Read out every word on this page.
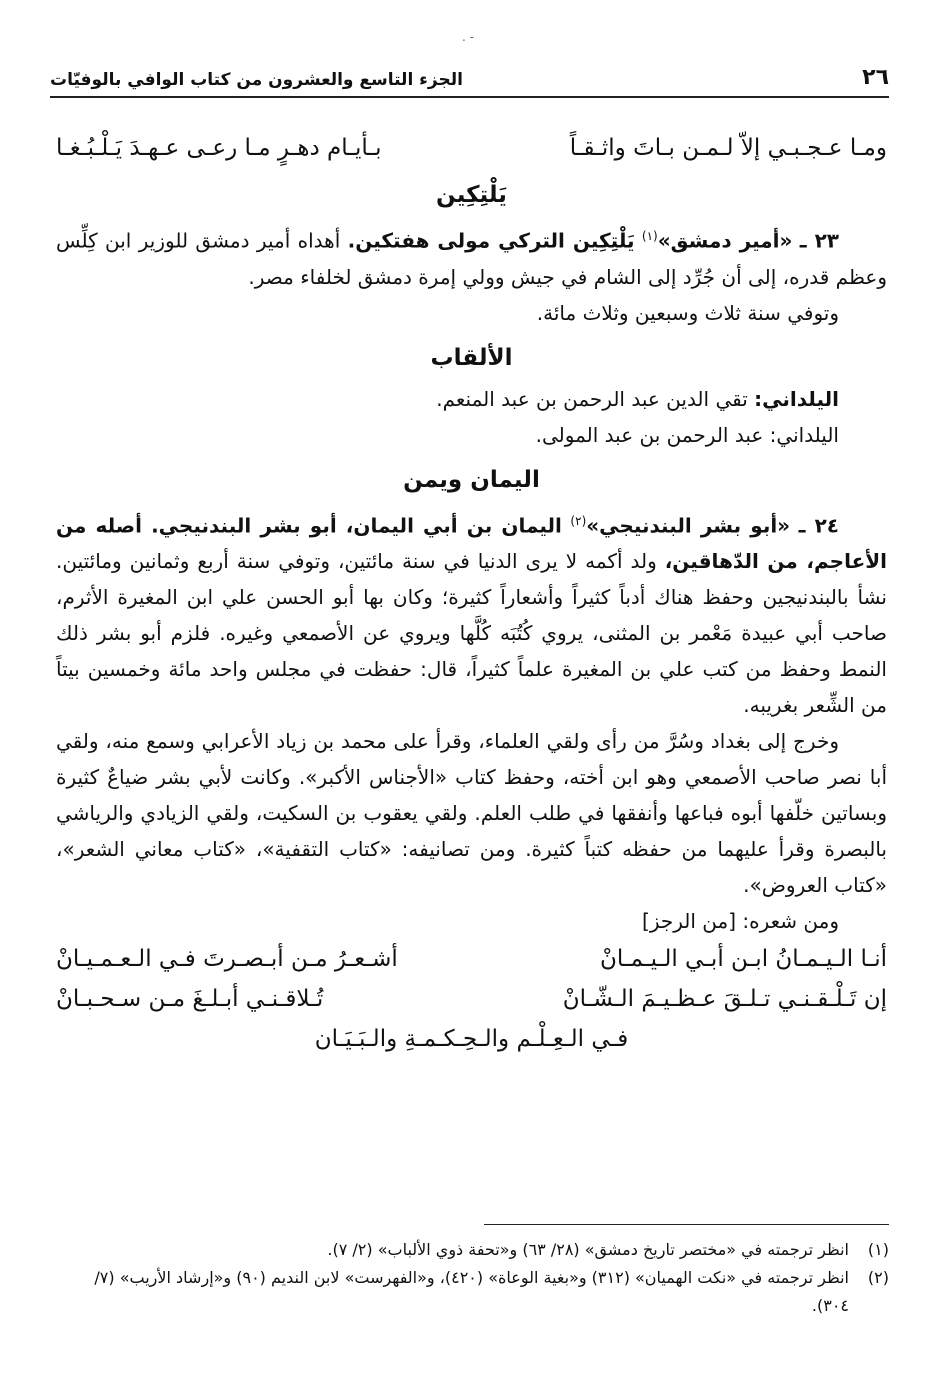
- .
٢٦
الجزء التاسع والعشرون من كتاب الوافي بالوفيّات
ومـا عـجـبـي إلاّ لـمـن بـاتَ واثـقـاً
بـأيـام دهـرٍ مـا رعـى عـهـدَ يَـلْـبُـغـا
يَلْتِكِين

٢٣ ـ «أمير دمشق»$^{(١)}$ يَلْتِكِين التركي مولى هفتكين. أهداه أمير دمشق للوزير ابن كِلِّس وعظم قدره، إلى أن جُرِّد إلى الشام في جيش وولي إمرة دمشق لخلفاء مصر.

وتوفي سنة ثلاث وسبعين وثلاث مائة.

الألقاب

اليلداني: تقي الدين عبد الرحمن بن عبد المنعم.

اليلداني: عبد الرحمن بن عبد المولى.

اليمان ويمن

٢٤ ـ «أبو بشر البندنيجي»$^{(٢)}$ اليمان بن أبي اليمان، أبو بشر البندنيجي. أصله من الأعاجم، من الدّهاقين، ولد أكمه لا يرى الدنيا في سنة مائتين، وتوفي سنة أربع وثمانين ومائتين. نشأ بالبندنيجين وحفظ هناك أدباً كثيراً وأشعاراً كثيرة؛ وكان بها أبو الحسن علي ابن المغيرة الأثرم، صاحب أبي عبيدة مَعْمر بن المثنى، يروي كُتُبَه كُلَّها ويروي عن الأصمعي وغيره. فلزم أبو بشر ذلك النمط وحفظ من كتب علي بن المغيرة علماً كثيراً، قال: حفظت في مجلس واحد مائة وخمسين بيتاً من الشِّعر بغريبه.

وخرج إلى بغداد وسُرَّ من رأى ولقي العلماء، وقرأ على محمد بن زياد الأعرابي وسمع منه، ولقي أبا نصر صاحب الأصمعي وهو ابن أخته، وحفظ كتاب «الأجناس الأكبر». وكانت لأبي بشر ضياعٌ كثيرة وبساتين خلّفها أبوه فباعها وأنفقها في طلب العلم. ولقي يعقوب بن السكيت، ولقي الزيادي والرياشي بالبصرة وقرأ عليهما من حفظه كتباً كثيرة. ومن تصانيفه: «كتاب التقفية»، «كتاب معاني الشعر»، «كتاب العروض».

ومن شعره: [من الرجز]
أنـا الـيـمـانُ ابـن أبـي الـيـمـانْ
أشـعـرُ مـن أبـصـرتَ فـي الـعـمـيـانْ
إن تَـلْـقـنـي تـلـقَ عـظـيـمَ الـشّـانْ
تُـلاقـنـي أبـلـغَ مـن سـحـبـانْ
فـي الـعِـلْـم والـحِـكـمـةِ والـبَـيَـان
(١)
انظر ترجمته في «مختصر تاريخ دمشق» (٢٨/ ٦٣) و«تحفة ذوي الألباب» (٢/ ٧).
(٢)
انظر ترجمته في «نكت الهميان» (٣١٢) و«بغية الوعاة» (٤٢٠)، و«الفهرست» لابن النديم (٩٠) و«إرشاد الأريب» (٧/ ٣٠٤).
